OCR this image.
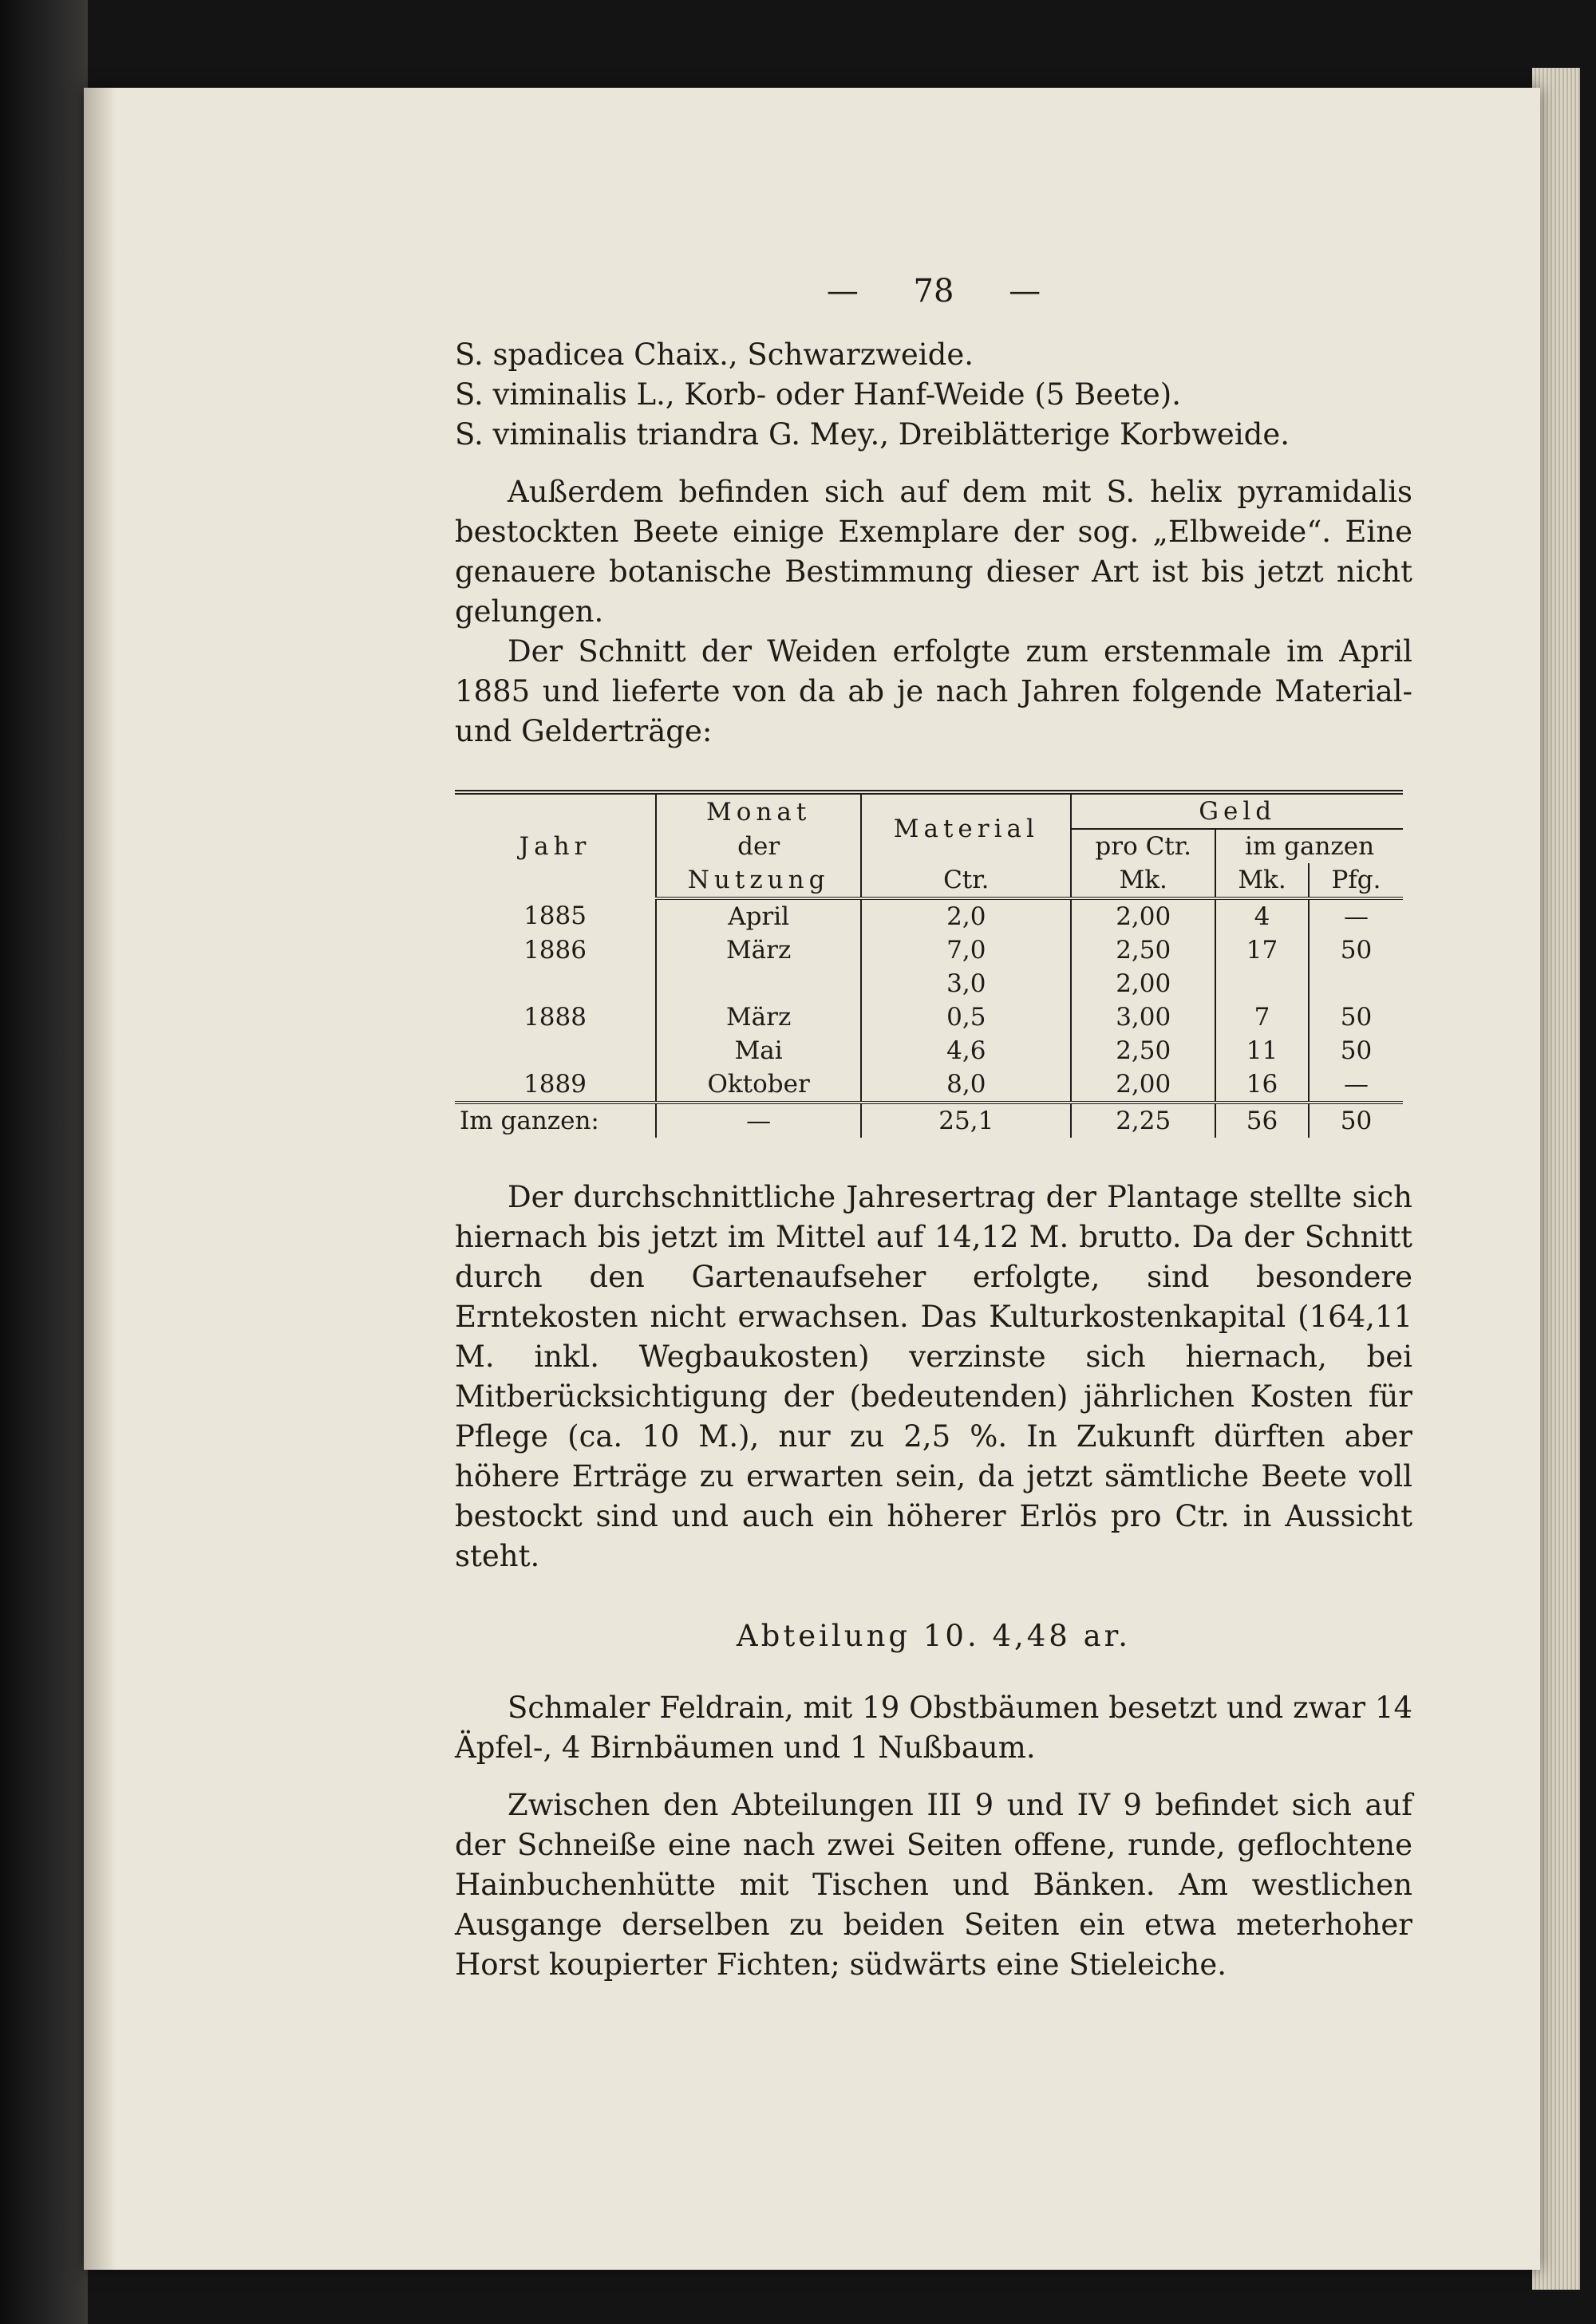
— 78 —

S. spadicea Chaix., Schwarzweide.

S. viminalis L., Korb- oder Hanf-Weide (5 Beete).

S. viminalis triandra G. Mey., Dreiblätterige Korbweide.

Außerdem befinden sich auf dem mit S. helix pyramidalis bestockten Beete einige Exemplare der sog. „Elbweide“. Eine genauere botanische Bestimmung dieser Art ist bis jetzt nicht gelungen.

Der Schnitt der Weiden erfolgte zum erstenmale im April 1885 und lieferte von da ab je nach Jahren folgende Material- und Gelderträge:

Jahr	Monat	Material	Geld		
	der		pro Ctr.	im ganzen	
	Nutzung	Ctr.	Mk.	Mk.	Pfg.
1885	April	2,0	2,00	4	—
1886	März	7,0	2,50	17	50
		3,0	2,00		
1888	März	0,5	3,00	7	50
	Mai	4,6	2,50	11	50
1889	Oktober	8,0	2,00	16	—
Im ganzen:	—	25,1	2,25	56	50

Der durchschnittliche Jahresertrag der Plantage stellte sich hiernach bis jetzt im Mittel auf 14,12 M. brutto. Da der Schnitt durch den Gartenaufseher erfolgte, sind besondere Erntekosten nicht erwachsen. Das Kulturkostenkapital (164,11 M. inkl. Wegbaukosten) verzinste sich hiernach, bei Mitberücksichtigung der (bedeutenden) jährlichen Kosten für Pflege (ca. 10 M.), nur zu 2,5 %. In Zukunft dürften aber höhere Erträge zu erwarten sein, da jetzt sämtliche Beete voll bestockt sind und auch ein höherer Erlös pro Ctr. in Aussicht steht.

Abteilung 10. 4,48 ar.

Schmaler Feldrain, mit 19 Obstbäumen besetzt und zwar 14 Äpfel-, 4 Birnbäumen und 1 Nußbaum.

Zwischen den Abteilungen III 9 und IV 9 befindet sich auf der Schneiße eine nach zwei Seiten offene, runde, geflochtene Hainbuchenhütte mit Tischen und Bänken. Am westlichen Ausgange derselben zu beiden Seiten ein etwa meterhoher Horst koupierter Fichten; südwärts eine Stieleiche.
